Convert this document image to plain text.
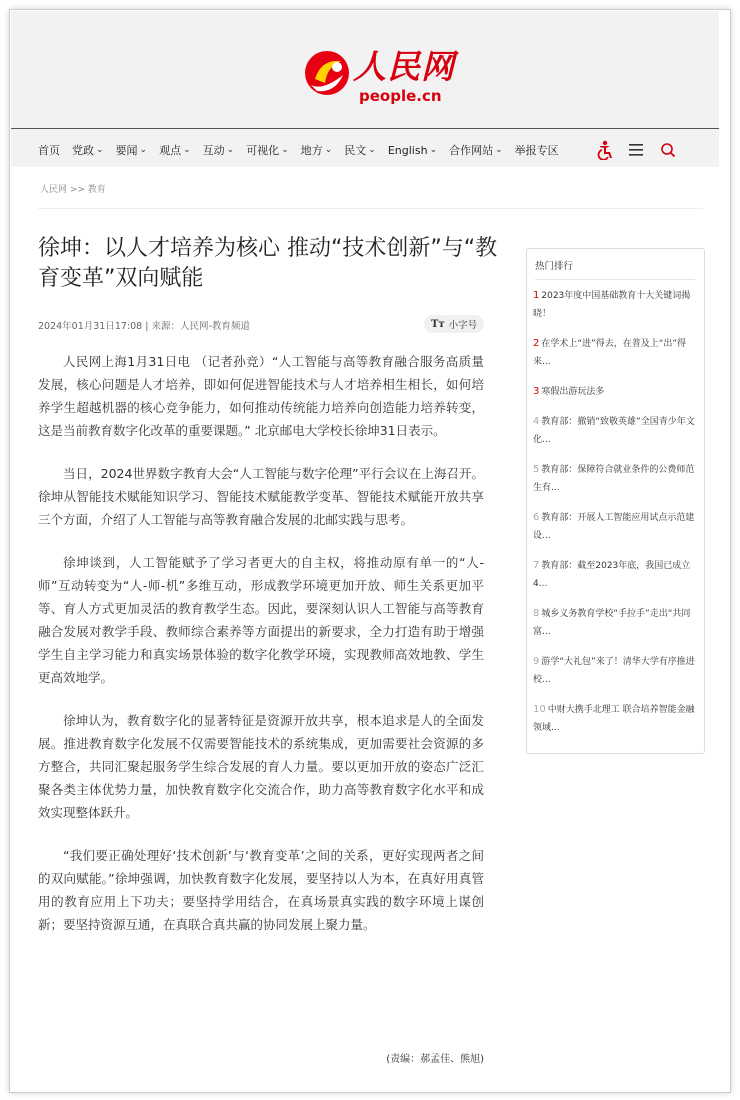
人民网
people.cn
首页 党政 ⌄ 要闻 ⌄ 观点 ⌄ 互动 ⌄ 可视化 ⌄ 地方 ⌄ 民文 ⌄ English ⌄ 合作网站 ⌄ 举报专区
人民网 >> 教育
徐坤：以人才培养为核心 推动“技术创新”与“教育变革”双向赋能
2024年01月31日17:08 | 来源：人民网-教育频道	Tт 小字号

人民网上海1月31日电 （记者孙竞）“人工智能与高等教育融合服务高质量发展，核心问题是人才培养，即如何促进智能技术与人才培养相生相长，如何培养学生超越机器的核心竞争能力，如何推动传统能力培养向创造能力培养转变，这是当前教育数字化改革的重要课题。” 北京邮电大学校长徐坤31日表示。

当日，2024世界数字教育大会“人工智能与数字伦理”平行会议在上海召开。徐坤从智能技术赋能知识学习、智能技术赋能教学变革、智能技术赋能开放共享三个方面，介绍了人工智能与高等教育融合发展的北邮实践与思考。

徐坤谈到，人工智能赋予了学习者更大的自主权，将推动原有单一的“人-师”互动转变为“人-师-机”多维互动，形成教学环境更加开放、师生关系更加平等、育人方式更加灵活的教育教学生态。因此，要深刻认识人工智能与高等教育融合发展对教学手段、教师综合素养等方面提出的新要求，全力打造有助于增强学生自主学习能力和真实场景体验的数字化教学环境，实现教师高效地教、学生更高效地学。

徐坤认为，教育数字化的显著特征是资源开放共享，根本追求是人的全面发展。推进教育数字化发展不仅需要智能技术的系统集成，更加需要社会资源的多方整合，共同汇聚起服务学生综合发展的育人力量。要以更加开放的姿态广泛汇聚各类主体优势力量，加快教育数字化交流合作，助力高等教育数字化水平和成效实现整体跃升。

“我们要正确处理好‘技术创新’与‘教育变革’之间的关系，更好实现两者之间的双向赋能。”徐坤强调，加快教育数字化发展，要坚持以人为本，在真好用真管用的教育应用上下功夫；要坚持学用结合，在真场景真实践的数字环境上谋创新；要坚持资源互通，在真联合真共赢的协同发展上聚力量。

(责编：郝孟佳、熊旭)
热门排行
1 2023年度中国基础教育十大关键词揭晓！
2 在学术上“进”得去，在普及上“出”得来...
3 寒假出游玩法多
4 教育部：撤销“致敬英雄”全国青少年文化...
5 教育部：保障符合就业条件的公费师范生有...
6 教育部：开展人工智能应用试点示范建设...
7 教育部：截至2023年底，我国已成立4...
8 城乡义务教育学校“手拉手”走出“共同富...
9 游学“大礼包”来了！清华大学有序推进校...
10 中财大携手北理工 联合培养智能金融领域...
